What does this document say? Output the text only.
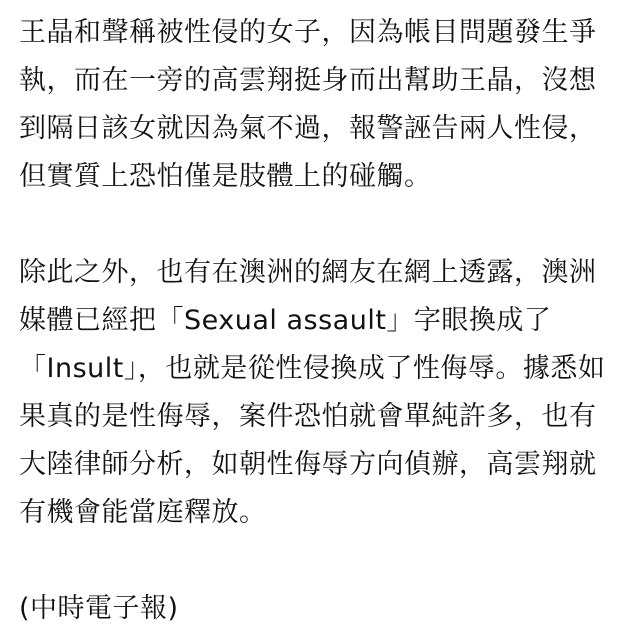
王晶和聲稱被性侵的女子，因為帳目問題發生爭
執，而在一旁的高雲翔挺身而出幫助王晶，沒想
到隔日該女就因為氣不過，報警誣告兩人性侵，
但實質上恐怕僅是肢體上的碰觸。
除此之外，也有在澳洲的網友在網上透露，澳洲
媒體已經把「Sexual assault」字眼換成了
「Insult」，也就是從性侵換成了性侮辱。據悉如
果真的是性侮辱，案件恐怕就會單純許多，也有
大陸律師分析，如朝性侮辱方向偵辦，高雲翔就
有機會能當庭釋放。
(中時電子報)
